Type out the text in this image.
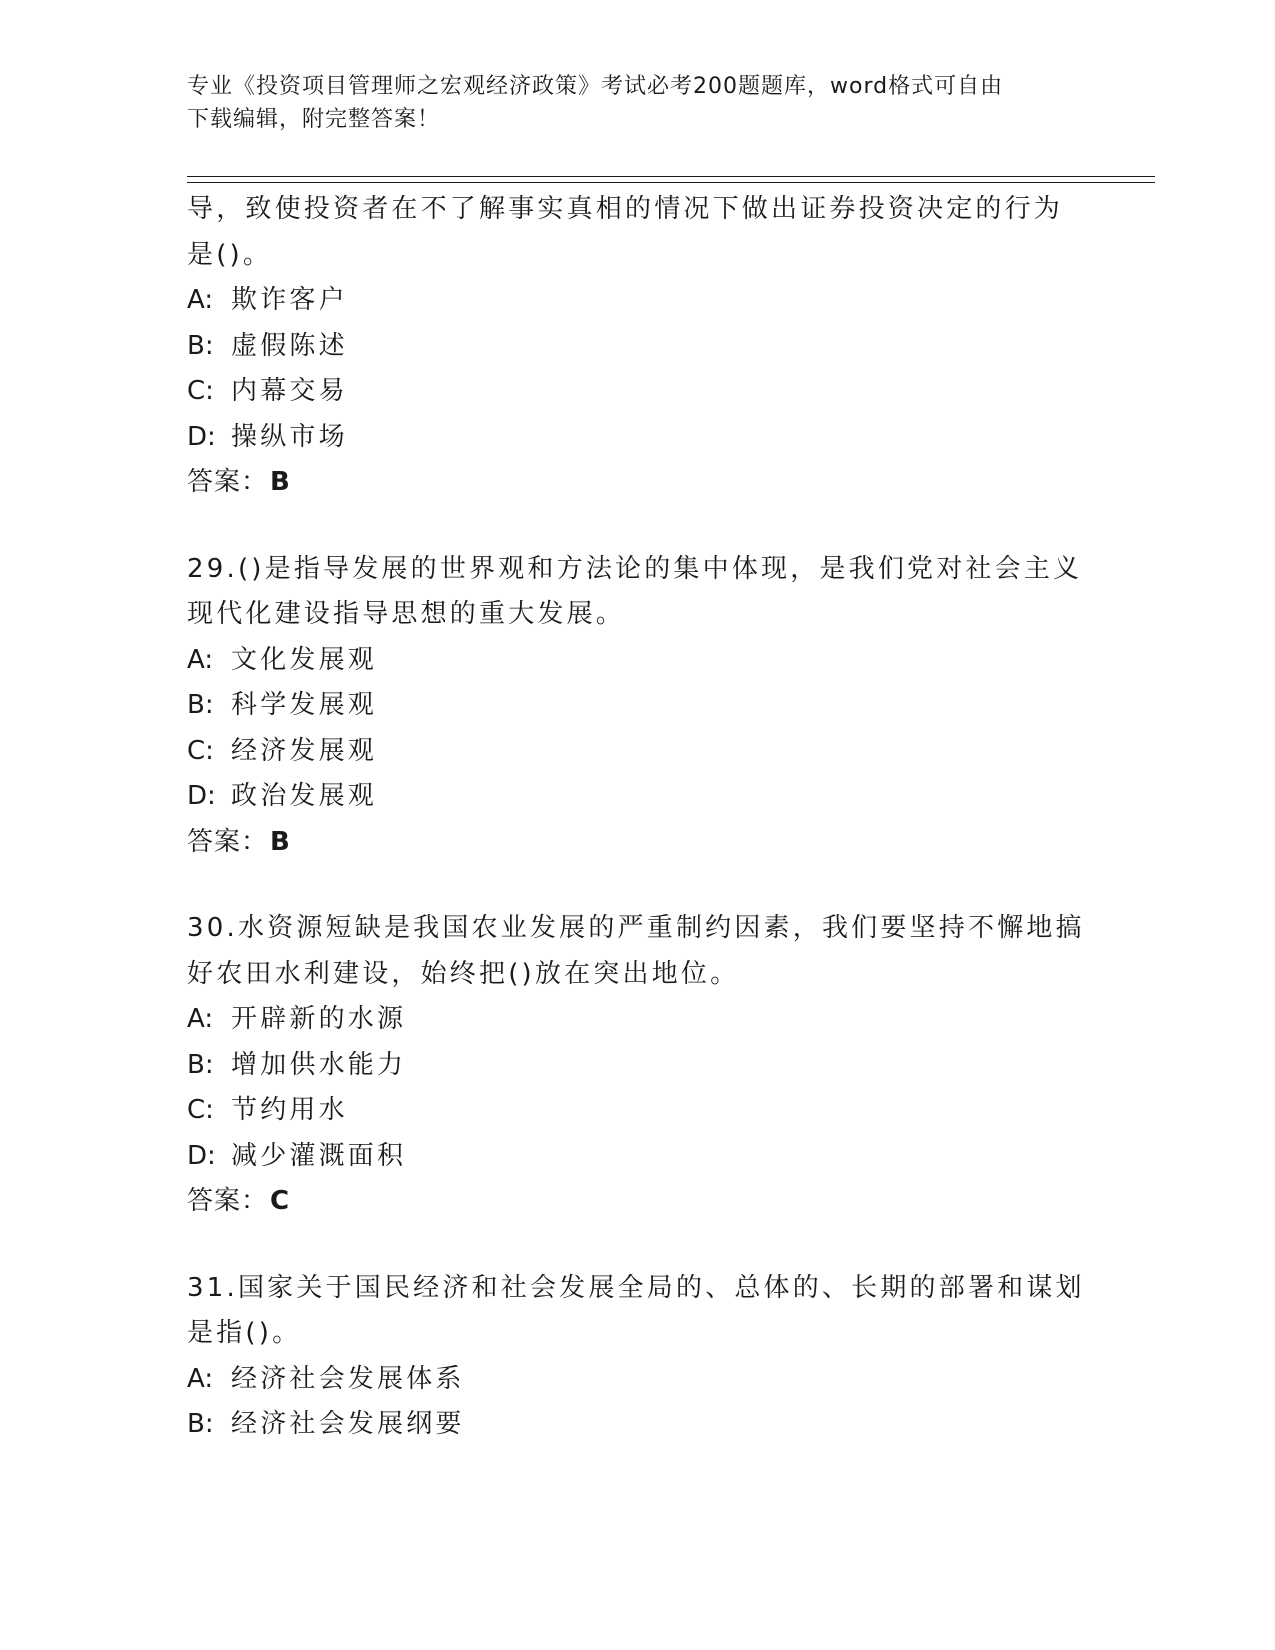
专业《投资项目管理师之宏观经济政策》考试必考200题题库，word格式可自由
下载编辑，附完整答案！
导，致使投资者在不了解事实真相的情况下做出证券投资决定的行为
是()。
A: 欺诈客户
B: 虚假陈述
C: 内幕交易
D: 操纵市场
答案：B
29.()是指导发展的世界观和方法论的集中体现，是我们党对社会主义
现代化建设指导思想的重大发展。
A: 文化发展观
B: 科学发展观
C: 经济发展观
D: 政治发展观
答案：B
30.水资源短缺是我国农业发展的严重制约因素，我们要坚持不懈地搞
好农田水利建设，始终把()放在突出地位。
A: 开辟新的水源
B: 增加供水能力
C: 节约用水
D: 减少灌溉面积
答案：C
31.国家关于国民经济和社会发展全局的、总体的、长期的部署和谋划
是指()。
A: 经济社会发展体系
B: 经济社会发展纲要
